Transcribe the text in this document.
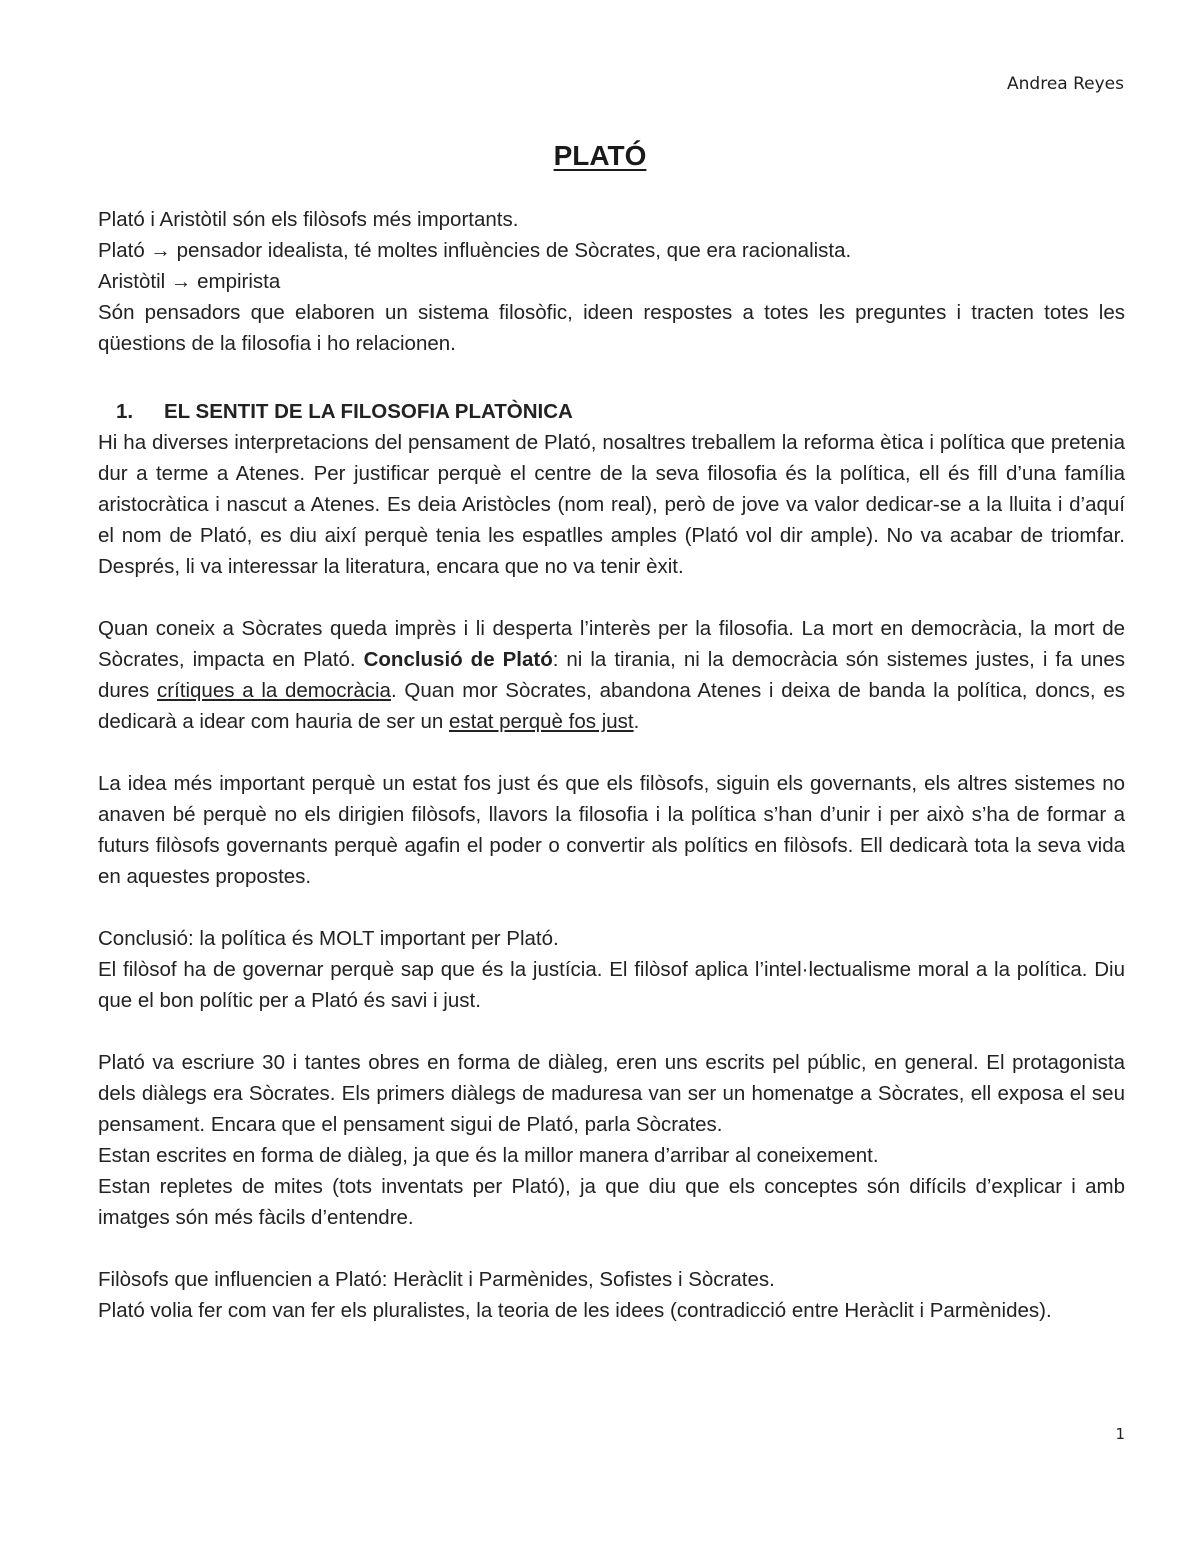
Andrea Reyes
PLATÓ

Plató i Aristòtil són els filòsofs més importants.

Plató → pensador idealista, té moltes influències de Sòcrates, que era racionalista.

Aristòtil → empirista

Són pensadors que elaboren un sistema filosòfic, ideen respostes a totes les preguntes i tracten totes les qüestions de la filosofia i ho relacionen.

1. EL SENTIT DE LA FILOSOFIA PLATÒNICA

Hi ha diverses interpretacions del pensament de Plató, nosaltres treballem la reforma ètica i política que pretenia dur a terme a Atenes. Per justificar perquè el centre de la seva filosofia és la política, ell és fill d’una família aristocràtica i nascut a Atenes. Es deia Aristòcles (nom real), però de jove va valor dedicar-se a la lluita i d’aquí el nom de Plató, es diu així perquè tenia les espatlles amples (Plató vol dir ample). No va acabar de triomfar. Després, li va interessar la literatura, encara que no va tenir èxit.

Quan coneix a Sòcrates queda imprès i li desperta l’interès per la filosofia. La mort en democràcia, la mort de Sòcrates, impacta en Plató. Conclusió de Plató: ni la tirania, ni la democràcia són sistemes justes, i fa unes dures crítiques a la democràcia. Quan mor Sòcrates, abandona Atenes i deixa de banda la política, doncs, es dedicarà a idear com hauria de ser un estat perquè fos just.

La idea més important perquè un estat fos just és que els filòsofs, siguin els governants, els altres sistemes no anaven bé perquè no els dirigien filòsofs, llavors la filosofia i la política s’han d’unir i per això s’ha de formar a futurs filòsofs governants perquè agafin el poder o convertir als polítics en filòsofs. Ell dedicarà tota la seva vida en aquestes propostes.

Conclusió: la política és MOLT important per Plató.

El filòsof ha de governar perquè sap que és la justícia. El filòsof aplica l’intel·lectualisme moral a la política. Diu que el bon polític per a Plató és savi i just.

Plató va escriure 30 i tantes obres en forma de diàleg, eren uns escrits pel públic, en general. El protagonista dels diàlegs era Sòcrates. Els primers diàlegs de maduresa van ser un homenatge a Sòcrates, ell exposa el seu pensament. Encara que el pensament sigui de Plató, parla Sòcrates.

Estan escrites en forma de diàleg, ja que és la millor manera d’arribar al coneixement.

Estan repletes de mites (tots inventats per Plató), ja que diu que els conceptes són difícils d’explicar i amb imatges són més fàcils d’entendre.

Filòsofs que influencien a Plató: Heràclit i Parmènides, Sofistes i Sòcrates.

Plató volia fer com van fer els pluralistes, la teoria de les idees (contradicció entre Heràclit i Parmènides).

1
